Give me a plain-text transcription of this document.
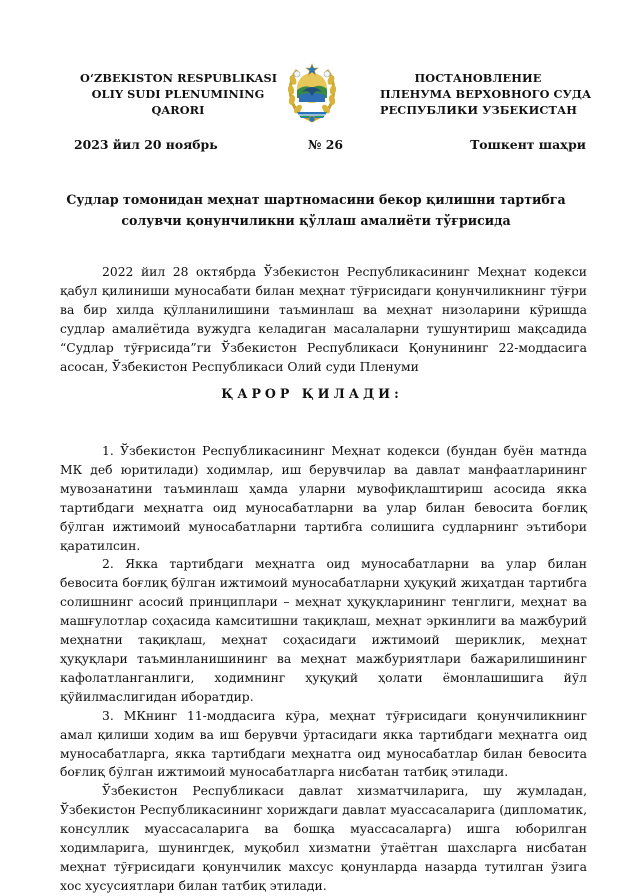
O‘ZBEKISTON RESPUBLIKASI
OLIY SUDI PLENUMINING
QARORI
ПОСТАНОВЛЕНИЕ
ПЛЕНУМА ВЕРХОВНОГО СУДА
РЕСПУБЛИКИ УЗБЕКИСТАН
2023 йил 20 ноябрь	№ 26	Тошкент шаҳри
Судлар томонидан меҳнат шартномасини бекор қилишни тартибга
солувчи қонунчиликни қўллаш амалиёти тўғрисида

2022 йил 28 октябрда Ўзбекистон Республикасининг Меҳнат кодекси қабул қилиниши муносабати билан меҳнат тўғрисидаги қонунчиликнинг тўғри ва бир хилда қўлланилишини таъминлаш ва меҳнат низоларини кўришда судлар амалиётида вужудга келадиган масалаларни тушунтириш мақсадида “Судлар тўғрисида”ги Ўзбекистон Республикаси Қонунининг 22-моддасига асосан, Ўзбекистон Республикаси Олий суди Пленуми

ҚАРОР ҚИЛАДИ:

1. Ўзбекистон Республикасининг Меҳнат кодекси (бундан буён матнда МК деб юритилади) ходимлар, иш берувчилар ва давлат манфаатларининг мувозанатини таъминлаш ҳамда уларни мувофиқлаштириш асосида якка тартибдаги меҳнатга оид муносабатларни ва улар билан бевосита боғлиқ бўлган ижтимоий муносабатларни тартибга солишига судларнинг эътибори қаратилсин.

2. Якка тартибдаги меҳнатга оид муносабатларни ва улар билан бевосита боғлиқ бўлган ижтимоий муносабатларни ҳуқуқий жиҳатдан тартибга солишнинг асосий принциплари – меҳнат ҳуқуқларининг тенглиги, меҳнат ва машғулотлар соҳасида камситишни тақиқлаш, меҳнат эркинлиги ва мажбурий меҳнатни тақиқлаш, меҳнат соҳасидаги ижтимоий шериклик, меҳнат ҳуқуқлари таъминланишининг ва меҳнат мажбуриятлари бажарилишининг кафолатланганлиги, ходимнинг ҳуқуқий ҳолати ёмонлашишига йўл қўйилмаслигидан иборатдир.

3. МКнинг 11-моддасига кўра, меҳнат тўғрисидаги қонунчиликнинг амал қилиши ходим ва иш берувчи ўртасидаги якка тартибдаги меҳнатга оид муносабатларга, якка тартибдаги меҳнатга оид муносабатлар билан бевосита боғлиқ бўлган ижтимоий муносабатларга нисбатан татбиқ этилади.

Ўзбекистон Республикаси давлат хизматчиларига, шу жумладан, Ўзбекистон Республикасининг хориждаги давлат муассасаларига (дипломатик, консуллик муассасаларига ва бошқа муассасаларга) ишга юборилган ходимларига, шунингдек, муқобил хизматни ўтаётган шахсларга нисбатан меҳнат тўғрисидаги қонунчилик махсус қонунларда назарда тутилган ўзига хос хусусиятлари билан татбиқ этилади.
